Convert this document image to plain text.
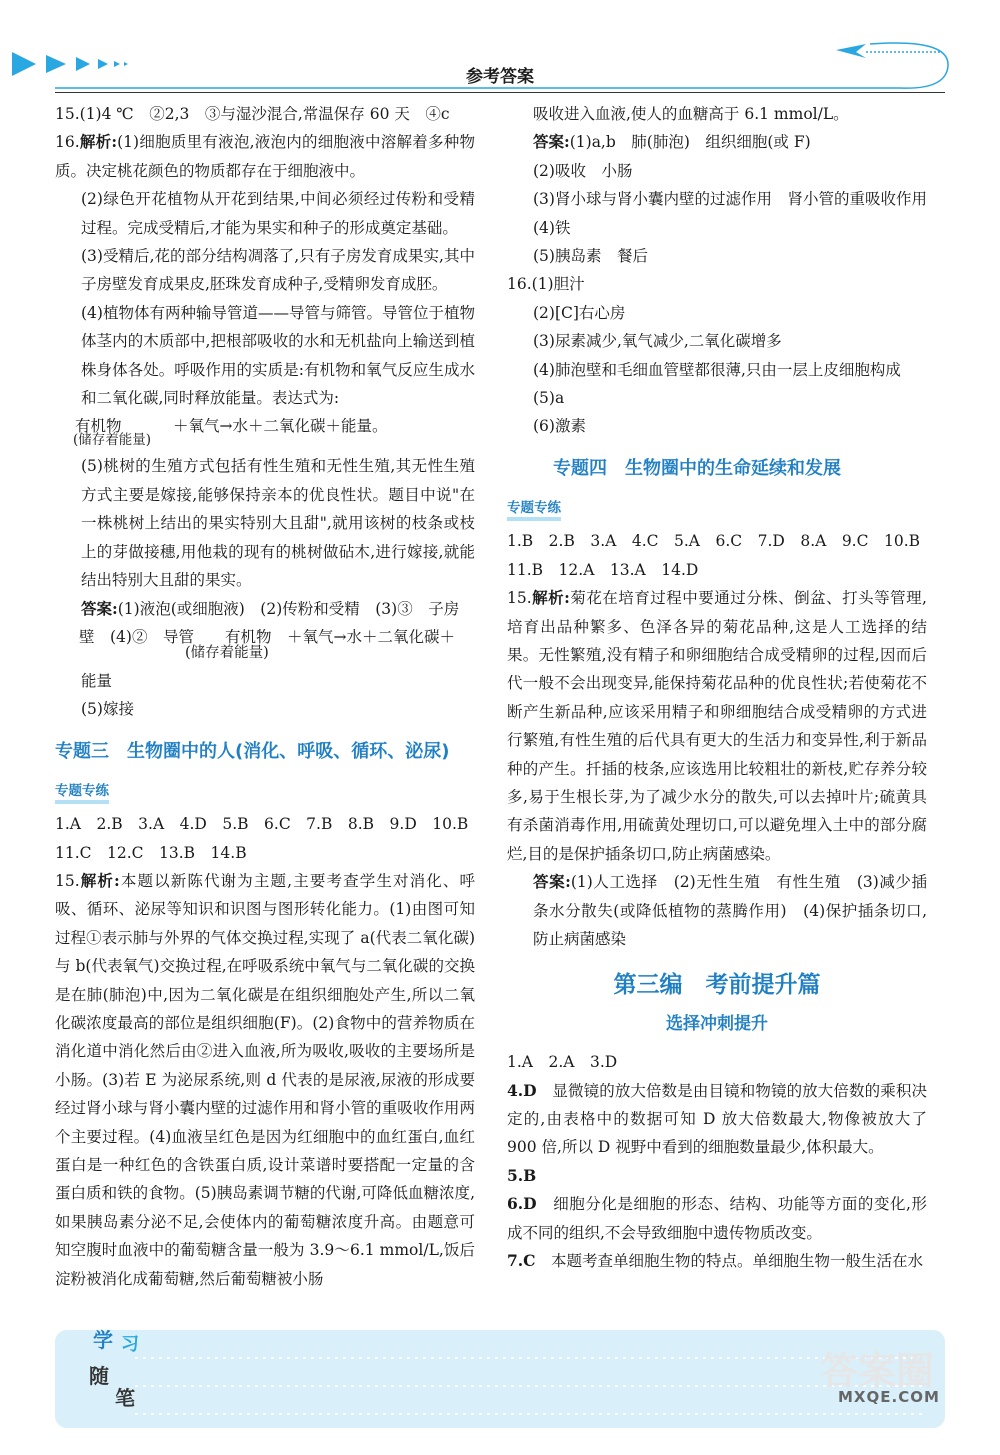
参考答案

15.(1)4 ℃　②2,3　③与湿沙混合,常温保存 60 天　④c

16.解析:(1)细胞质里有液泡,液泡内的细胞液中溶解着多种物质。决定桃花颜色的物质都存在于细胞液中。

(2)绿色开花植物从开花到结果,中间必须经过传粉和受精过程。完成受精后,才能为果实和种子的形成奠定基础。

(3)受精后,花的部分结构凋落了,只有子房发育成果实,其中子房壁发育成果皮,胚珠发育成种子,受精卵发育成胚。

(4)植物体有两种输导管道——导管与筛管。导管位于植物体茎内的木质部中,把根部吸收的水和无机盐向上输送到植株身体各处。呼吸作用的实质是:有机物和氧气反应生成水和二氧化碳,同时释放能量。表达式为:

有机物	＋氧气→水＋二氧化碳＋能量。
(储存着能量)

(5)桃树的生殖方式包括有性生殖和无性生殖,其无性生殖方式主要是嫁接,能够保持亲本的优良性状。题目中说"在一株桃树上结出的果实特别大且甜",就用该树的枝条或枝上的芽做接穗,用他栽的现有的桃树做砧木,进行嫁接,就能结出特别大且甜的果实。

答案:(1)液泡(或细胞液)　(2)传粉和受精　(3)③　子房

壁　(4)②　导管　　有机物　＋氧气→水＋二氧化碳＋
(储存着能量)

能量

(5)嫁接

专题三　生物圈中的人(消化、呼吸、循环、泌尿)

专题专练

1.A　2.B　3.A　4.D　5.B　6.C　7.B　8.B　9.D　10.B

11.C　12.C　13.B　14.B

15.解析:本题以新陈代谢为主题,主要考查学生对消化、呼吸、循环、泌尿等知识和识图与图形转化能力。(1)由图可知过程①表示肺与外界的气体交换过程,实现了 a(代表二氧化碳)与 b(代表氧气)交换过程,在呼吸系统中氧气与二氧化碳的交换是在肺(肺泡)中,因为二氧化碳是在组织细胞处产生,所以二氧化碳浓度最高的部位是组织细胞(F)。(2)食物中的营养物质在消化道中消化然后由②进入血液,所为吸收,吸收的主要场所是小肠。(3)若 E 为泌尿系统,则 d 代表的是尿液,尿液的形成要经过肾小球与肾小囊内壁的过滤作用和肾小管的重吸收作用两个主要过程。(4)血液呈红色是因为红细胞中的血红蛋白,血红蛋白是一种红色的含铁蛋白质,设计菜谱时要搭配一定量的含蛋白质和铁的食物。(5)胰岛素调节糖的代谢,可降低血糖浓度,如果胰岛素分泌不足,会使体内的葡萄糖浓度升高。由题意可知空腹时血液中的葡萄糖含量一般为 3.9～6.1 mmol/L,饭后淀粉被消化成葡萄糖,然后葡萄糖被小肠

吸收进入血液,使人的血糖高于 6.1 mmol/L。

答案:(1)a,b　肺(肺泡)　组织细胞(或 F)

(2)吸收　小肠

(3)肾小球与肾小囊内壁的过滤作用　肾小管的重吸收作用

(4)铁

(5)胰岛素　餐后

16.(1)胆汁

(2)[C]右心房

(3)尿素减少,氧气减少,二氧化碳增多

(4)肺泡壁和毛细血管壁都很薄,只由一层上皮细胞构成

(5)a

(6)激素

专题四　生物圈中的生命延续和发展

专题专练

1.B　2.B　3.A　4.C　5.A　6.C　7.D　8.A　9.C　10.B

11.B　12.A　13.A　14.D

15.解析:菊花在培育过程中要通过分株、倒盆、打头等管理,培育出品种繁多、色泽各异的菊花品种,这是人工选择的结果。无性繁殖,没有精子和卵细胞结合成受精卵的过程,因而后代一般不会出现变异,能保持菊花品种的优良性状;若使菊花不断产生新品种,应该采用精子和卵细胞结合成受精卵的方式进行繁殖,有性生殖的后代具有更大的生活力和变异性,利于新品种的产生。扦插的枝条,应该选用比较粗壮的新枝,贮存养分较多,易于生根长芽,为了减少水分的散失,可以去掉叶片;硫黄具有杀菌消毒作用,用硫黄处理切口,可以避免埋入土中的部分腐烂,目的是保护插条切口,防止病菌感染。

答案:(1)人工选择　(2)无性生殖　有性生殖　(3)减少插条水分散失(或降低植物的蒸腾作用)　(4)保护插条切口,防止病菌感染

第三编　考前提升篇

选择冲刺提升

1.A　2.A　3.D

4.D　 显微镜的放大倍数是由目镜和物镜的放大倍数的乘积决定的,由表格中的数据可知 D 放大倍数最大,物像被放大了 900 倍,所以 D 视野中看到的细胞数量最少,体积最大。

5.B

6.D　 细胞分化是细胞的形态、结构、功能等方面的变化,形成不同的组织,不会导致细胞中遗传物质改变。

7.C　 本题考查单细胞生物的特点。单细胞生物一般生活在水

学 习
随
笔
答案圈
MXQE.COM
